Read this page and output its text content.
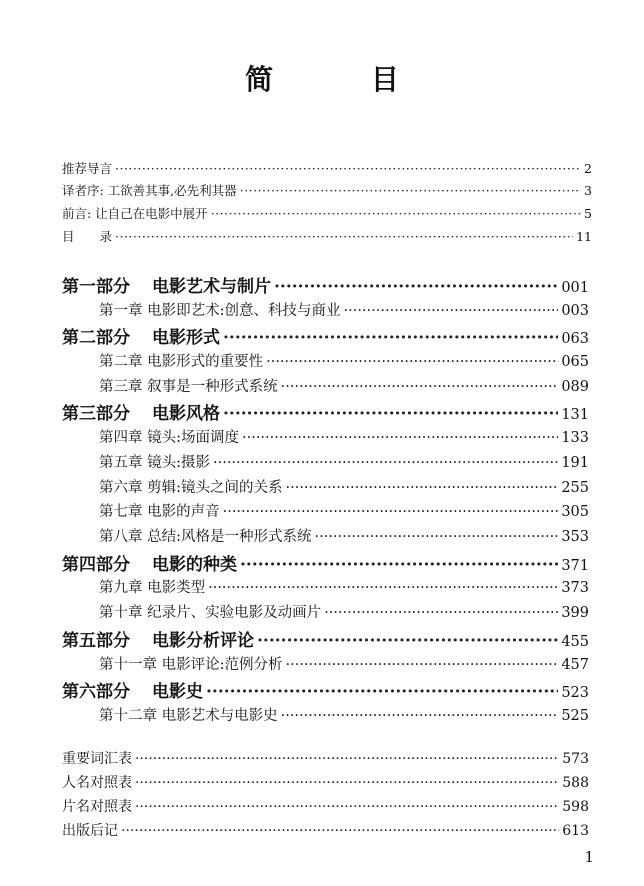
简 目
推荐导言 ·····	2
译者序: 工欲善其事,必先利其器 ·····	3
前言: 让自己在电影中展开 ·····	5
目　　录 ·····	11
第一部分 电影艺术与制片 ·····	001
第一章 电影即艺术:创意、科技与商业 ·····	003
第二部分 电影形式 ·····	063
第二章 电影形式的重要性 ·····	065
第三章 叙事是一种形式系统 ·····	089
第三部分 电影风格 ·····	131
第四章 镜头:场面调度 ·····	133
第五章 镜头:摄影 ·····	191
第六章 剪辑:镜头之间的关系 ·····	255
第七章 电影的声音 ·····	305
第八章 总结:风格是一种形式系统 ·····	353
第四部分 电影的种类 ·····	371
第九章 电影类型 ·····	373
第十章 纪录片、实验电影及动画片 ·····	399
第五部分 电影分析评论 ·····	455
第十一章 电影评论:范例分析 ·····	457
第六部分 电影史 ·····	523
第十二章 电影艺术与电影史 ·····	525
重要词汇表 ·····	573
人名对照表 ·····	588
片名对照表 ·····	598
出版后记 ·····	613
1
